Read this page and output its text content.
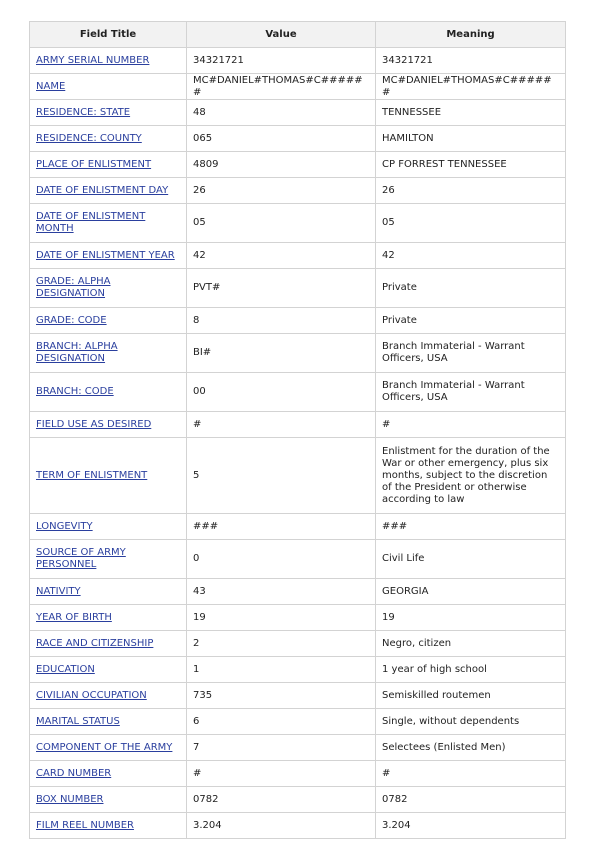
Field Title	Value	Meaning
ARMY SERIAL NUMBER	34321721	34321721
NAME	MC#DANIEL#THOMAS#C######	MC#DANIEL#THOMAS#C######
RESIDENCE: STATE	48	TENNESSEE
RESIDENCE: COUNTY	065	HAMILTON
PLACE OF ENLISTMENT	4809	CP FORREST TENNESSEE
DATE OF ENLISTMENT DAY	26	26
DATE OF ENLISTMENT MONTH	05	05
DATE OF ENLISTMENT YEAR	42	42
GRADE: ALPHA DESIGNATION	PVT#	Private
GRADE: CODE	8	Private
BRANCH: ALPHA DESIGNATION	BI#	Branch Immaterial - Warrant Officers, USA
BRANCH: CODE	00	Branch Immaterial - Warrant Officers, USA
FIELD USE AS DESIRED	#	#
TERM OF ENLISTMENT	5	Enlistment for the duration of the War or other emergency, plus six months, subject to the discretion of the President or otherwise according to law
LONGEVITY	###	###
SOURCE OF ARMY PERSONNEL	0	Civil Life
NATIVITY	43	GEORGIA
YEAR OF BIRTH	19	19
RACE AND CITIZENSHIP	2	Negro, citizen
EDUCATION	1	1 year of high school
CIVILIAN OCCUPATION	735	Semiskilled routemen
MARITAL STATUS	6	Single, without dependents
COMPONENT OF THE ARMY	7	Selectees (Enlisted Men)
CARD NUMBER	#	#
BOX NUMBER	0782	0782
FILM REEL NUMBER	3.204	3.204
